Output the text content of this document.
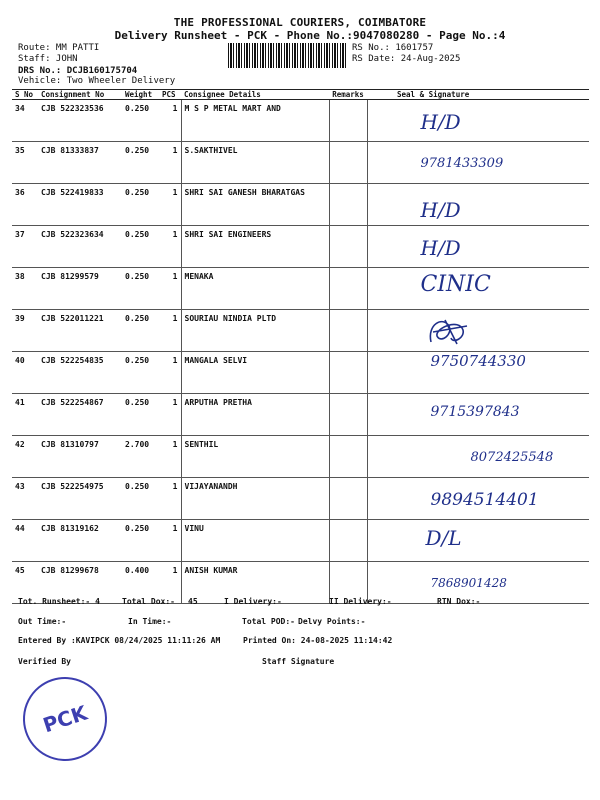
THE PROFESSIONAL COURIERS, COIMBATORE
Delivery Runsheet - PCK - Phone No.:9047080280 - Page No.:4
Route: MM PATTI
Staff: JOHN
DRS No.: DCJB160175704
Vehicle: Two Wheeler Delivery
RS No.: 1601757
RS Date: 24-Aug-2025
S No	Consignment No	Weight	PCS	Consignee Details	Remarks	Seal & Signature
34	CJB 522323536	0.250	1	M S P METAL MART AND		H/D
35	CJB 81333837	0.250	1	S.SAKTHIVEL		9781433309
36	CJB 522419833	0.250	1	SHRI SAI GANESH BHARATGAS		H/D
37	CJB 522323634	0.250	1	SHRI SAI ENGINEERS		H/D
38	CJB 81299579	0.250	1	MENAKA		CINIC
39	CJB 522011221	0.250	1	SOURIAU NINDIA PLTD		
40	CJB 522254835	0.250	1	MANGALA SELVI		9750744330
41	CJB 522254867	0.250	1	ARPUTHA PRETHA		9715397843
42	CJB 81310797	2.700	1	SENTHIL		8072425548
43	CJB 522254975	0.250	1	VIJAYANANDH		9894514401
44	CJB 81319162	0.250	1	VINU		D/L
45	CJB 81299678	0.400	1	ANISH KUMAR		7868901428
Tot. Runsheet:- 4	Total Dox:- 45	I Delivery:-	II Delivery:-	RTN Dox:-
Out Time:-	In Time:-	Total POD:- Delvy Points:-
Entered By :KAVIPCK 08/24/2025 11:11:26 AM	Printed On: 24-08-2025 11:14:42
Verified By	Staff Signature
PCK
